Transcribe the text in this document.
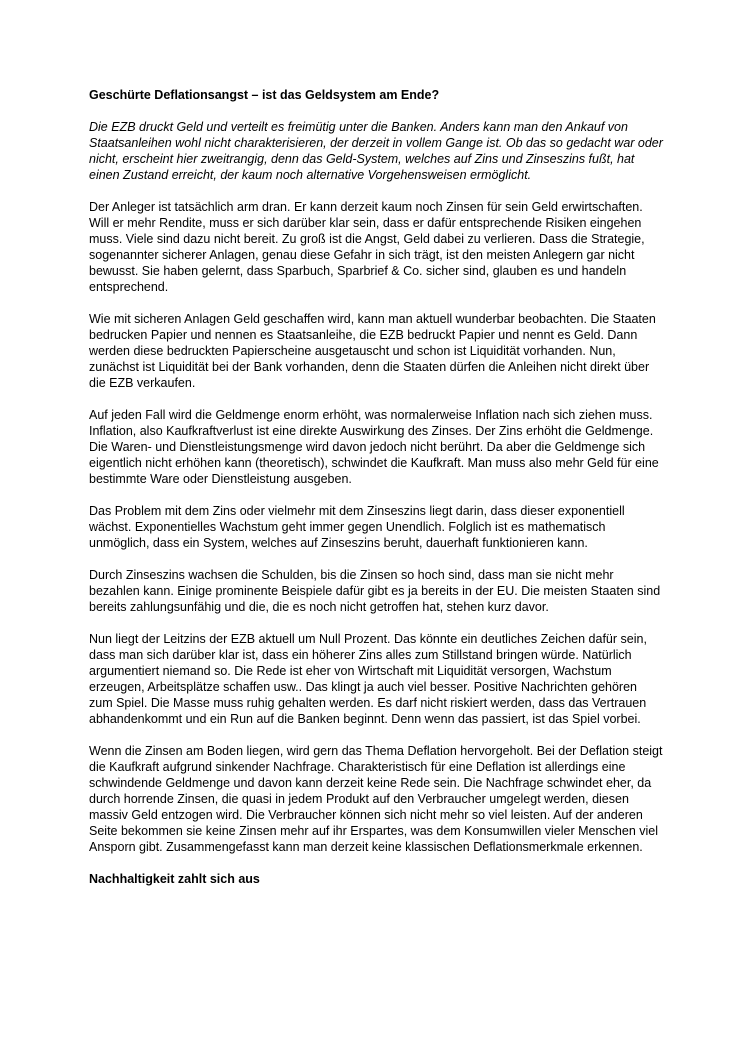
Geschürte Deflationsangst – ist das Geldsystem am Ende?

Die EZB druckt Geld und verteilt es freimütig unter die Banken. Anders kann man den Ankauf von Staatsanleihen wohl nicht charakterisieren, der derzeit in vollem Gange ist. Ob das so gedacht war oder nicht, erscheint hier zweitrangig, denn das Geld-System, welches auf Zins und Zinseszins fußt, hat einen Zustand erreicht, der kaum noch alternative Vorgehensweisen ermöglicht.

Der Anleger ist tatsächlich arm dran. Er kann derzeit kaum noch Zinsen für sein Geld erwirtschaften. Will er mehr Rendite, muss er sich darüber klar sein, dass er dafür entsprechende Risiken eingehen muss. Viele sind dazu nicht bereit. Zu groß ist die Angst, Geld dabei zu verlieren. Dass die Strategie, sogenannter sicherer Anlagen, genau diese Gefahr in sich trägt, ist den meisten Anlegern gar nicht bewusst. Sie haben gelernt, dass Sparbuch, Sparbrief & Co. sicher sind, glauben es und handeln entsprechend.

Wie mit sicheren Anlagen Geld geschaffen wird, kann man aktuell wunderbar beobachten. Die Staaten bedrucken Papier und nennen es Staatsanleihe, die EZB bedruckt Papier und nennt es Geld. Dann werden diese bedruckten Papierscheine ausgetauscht und schon ist Liquidität vorhanden. Nun, zunächst ist Liquidität bei der Bank vorhanden, denn die Staaten dürfen die Anleihen nicht direkt über die EZB verkaufen.

Auf jeden Fall wird die Geldmenge enorm erhöht, was normalerweise Inflation nach sich ziehen muss. Inflation, also Kaufkraftverlust ist eine direkte Auswirkung des Zinses. Der Zins erhöht die Geldmenge. Die Waren- und Dienstleistungsmenge wird davon jedoch nicht berührt. Da aber die Geldmenge sich eigentlich nicht erhöhen kann (theoretisch), schwindet die Kaufkraft. Man muss also mehr Geld für eine bestimmte Ware oder Dienstleistung ausgeben.

Das Problem mit dem Zins oder vielmehr mit dem Zinseszins liegt darin, dass dieser exponentiell wächst. Exponentielles Wachstum geht immer gegen Unendlich. Folglich ist es mathematisch unmöglich, dass ein System, welches auf Zinseszins beruht, dauerhaft funktionieren kann.

Durch Zinseszins wachsen die Schulden, bis die Zinsen so hoch sind, dass man sie nicht mehr bezahlen kann. Einige prominente Beispiele dafür gibt es ja bereits in der EU. Die meisten Staaten sind bereits zahlungsunfähig und die, die es noch nicht getroffen hat, stehen kurz davor.

Nun liegt der Leitzins der EZB aktuell um Null Prozent. Das könnte ein deutliches Zeichen dafür sein, dass man sich darüber klar ist, dass ein höherer Zins alles zum Stillstand bringen würde. Natürlich argumentiert niemand so. Die Rede ist eher von Wirtschaft mit Liquidität versorgen, Wachstum erzeugen, Arbeitsplätze schaffen usw.. Das klingt ja auch viel besser. Positive Nachrichten gehören zum Spiel. Die Masse muss ruhig gehalten werden. Es darf nicht riskiert werden, dass das Vertrauen abhandenkommt und ein Run auf die Banken beginnt. Denn wenn das passiert, ist das Spiel vorbei.

Wenn die Zinsen am Boden liegen, wird gern das Thema Deflation hervorgeholt. Bei der Deflation steigt die Kaufkraft aufgrund sinkender Nachfrage. Charakteristisch für eine Deflation ist allerdings eine schwindende Geldmenge und davon kann derzeit keine Rede sein. Die Nachfrage schwindet eher, da durch horrende Zinsen, die quasi in jedem Produkt auf den Verbraucher umgelegt werden, diesen massiv Geld entzogen wird. Die Verbraucher können sich nicht mehr so viel leisten. Auf der anderen Seite bekommen sie keine Zinsen mehr auf ihr Erspartes, was dem Konsumwillen vieler Menschen viel Ansporn gibt. Zusammengefasst kann man derzeit keine klassischen Deflationsmerkmale erkennen.

Nachhaltigkeit zahlt sich aus
